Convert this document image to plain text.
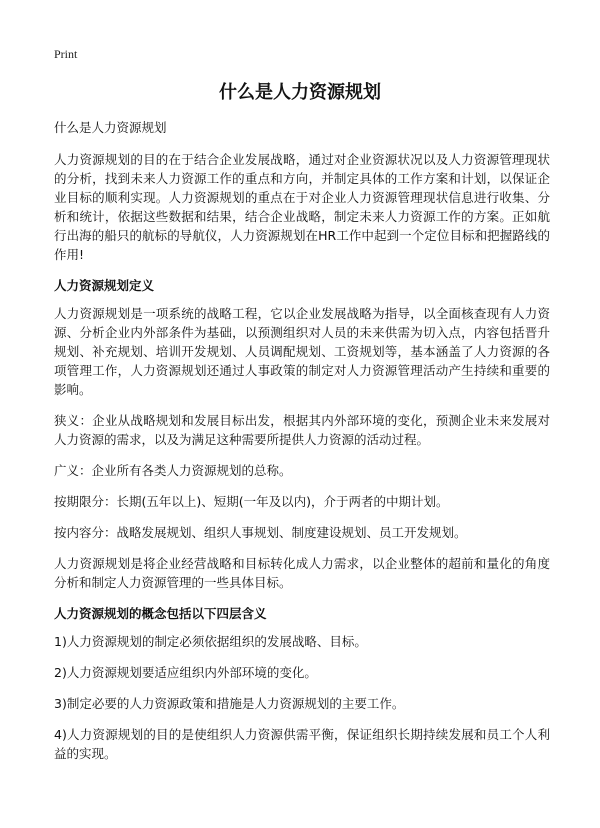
Print
什么是人力资源规划

什么是人力资源规划

人力资源规划的目的在于结合企业发展战略，通过对企业资源状况以及人力资源管理现状的分析，找到未来人力资源工作的重点和方向，并制定具体的工作方案和计划，以保证企业目标的顺利实现。人力资源规划的重点在于对企业人力资源管理现状信息进行收集、分析和统计，依据这些数据和结果，结合企业战略，制定未来人力资源工作的方案。正如航行出海的船只的航标的导航仪，人力资源规划在HR工作中起到一个定位目标和把握路线的作用!

人力资源规划定义

人力资源规划是一项系统的战略工程，它以企业发展战略为指导，以全面核查现有人力资源、分析企业内外部条件为基础，以预测组织对人员的未来供需为切入点，内容包括晋升规划、补充规划、培训开发规划、人员调配规划、工资规划等，基本涵盖了人力资源的各项管理工作，人力资源规划还通过人事政策的制定对人力资源管理活动产生持续和重要的影响。

狭义：企业从战略规划和发展目标出发，根据其内外部环境的变化，预测企业未来发展对人力资源的需求，以及为满足这种需要所提供人力资源的活动过程。

广义：企业所有各类人力资源规划的总称。

按期限分：长期(五年以上)、短期(一年及以内)，介于两者的中期计划。

按内容分：战略发展规划、组织人事规划、制度建设规划、员工开发规划。

人力资源规划是将企业经营战略和目标转化成人力需求，以企业整体的超前和量化的角度分析和制定人力资源管理的一些具体目标。

人力资源规划的概念包括以下四层含义

1)人力资源规划的制定必须依据组织的发展战略、目标。

2)人力资源规划要适应组织内外部环境的变化。

3)制定必要的人力资源政策和措施是人力资源规划的主要工作。

4)人力资源规划的目的是使组织人力资源供需平衡，保证组织长期持续发展和员工个人利益的实现。
